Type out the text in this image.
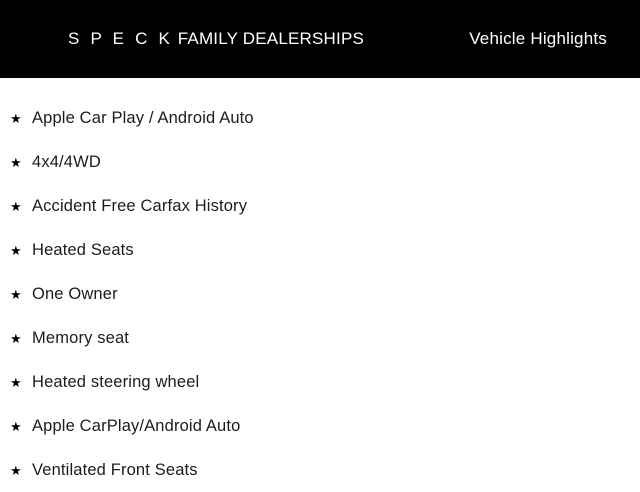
S P E C K FAMILY DEALERSHIPS	Vehicle Highlights
★ Apple Car Play / Android Auto
★ 4x4/4WD
★ Accident Free Carfax History
★ Heated Seats
★ One Owner
★ Memory seat
★ Heated steering wheel
★ Apple CarPlay/Android Auto
★ Ventilated Front Seats
